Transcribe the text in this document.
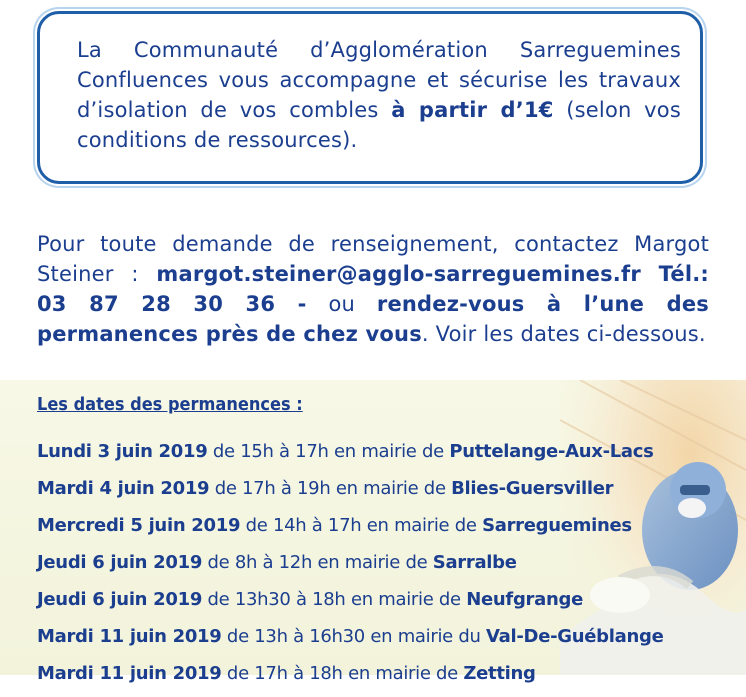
La Communauté d’Agglomération Sarreguemines Confluences vous accompagne et sécurise les travaux d’isolation de vos combles à partir d’1€ (selon vos conditions de ressources).
Pour toute demande de renseignement, contactez Margot Steiner : margot.steiner@agglo-sarreguemines.fr Tél.: 03 87 28 30 36 - ou rendez-vous à l’une des permanences près de chez vous. Voir les dates ci-dessous.
Les dates des permanences :
Lundi 3 juin 2019 de 15h à 17h en mairie de Puttelange-Aux-Lacs
Mardi 4 juin 2019 de 17h à 19h en mairie de Blies-Guersviller
Mercredi 5 juin 2019 de 14h à 17h en mairie de Sarreguemines
Jeudi 6 juin 2019 de 8h à 12h en mairie de Sarralbe
Jeudi 6 juin 2019 de 13h30 à 18h en mairie de Neufgrange
Mardi 11 juin 2019 de 13h à 16h30 en mairie du Val-De-Guéblange
Mardi 11 juin 2019 de 17h à 18h en mairie de Zetting
